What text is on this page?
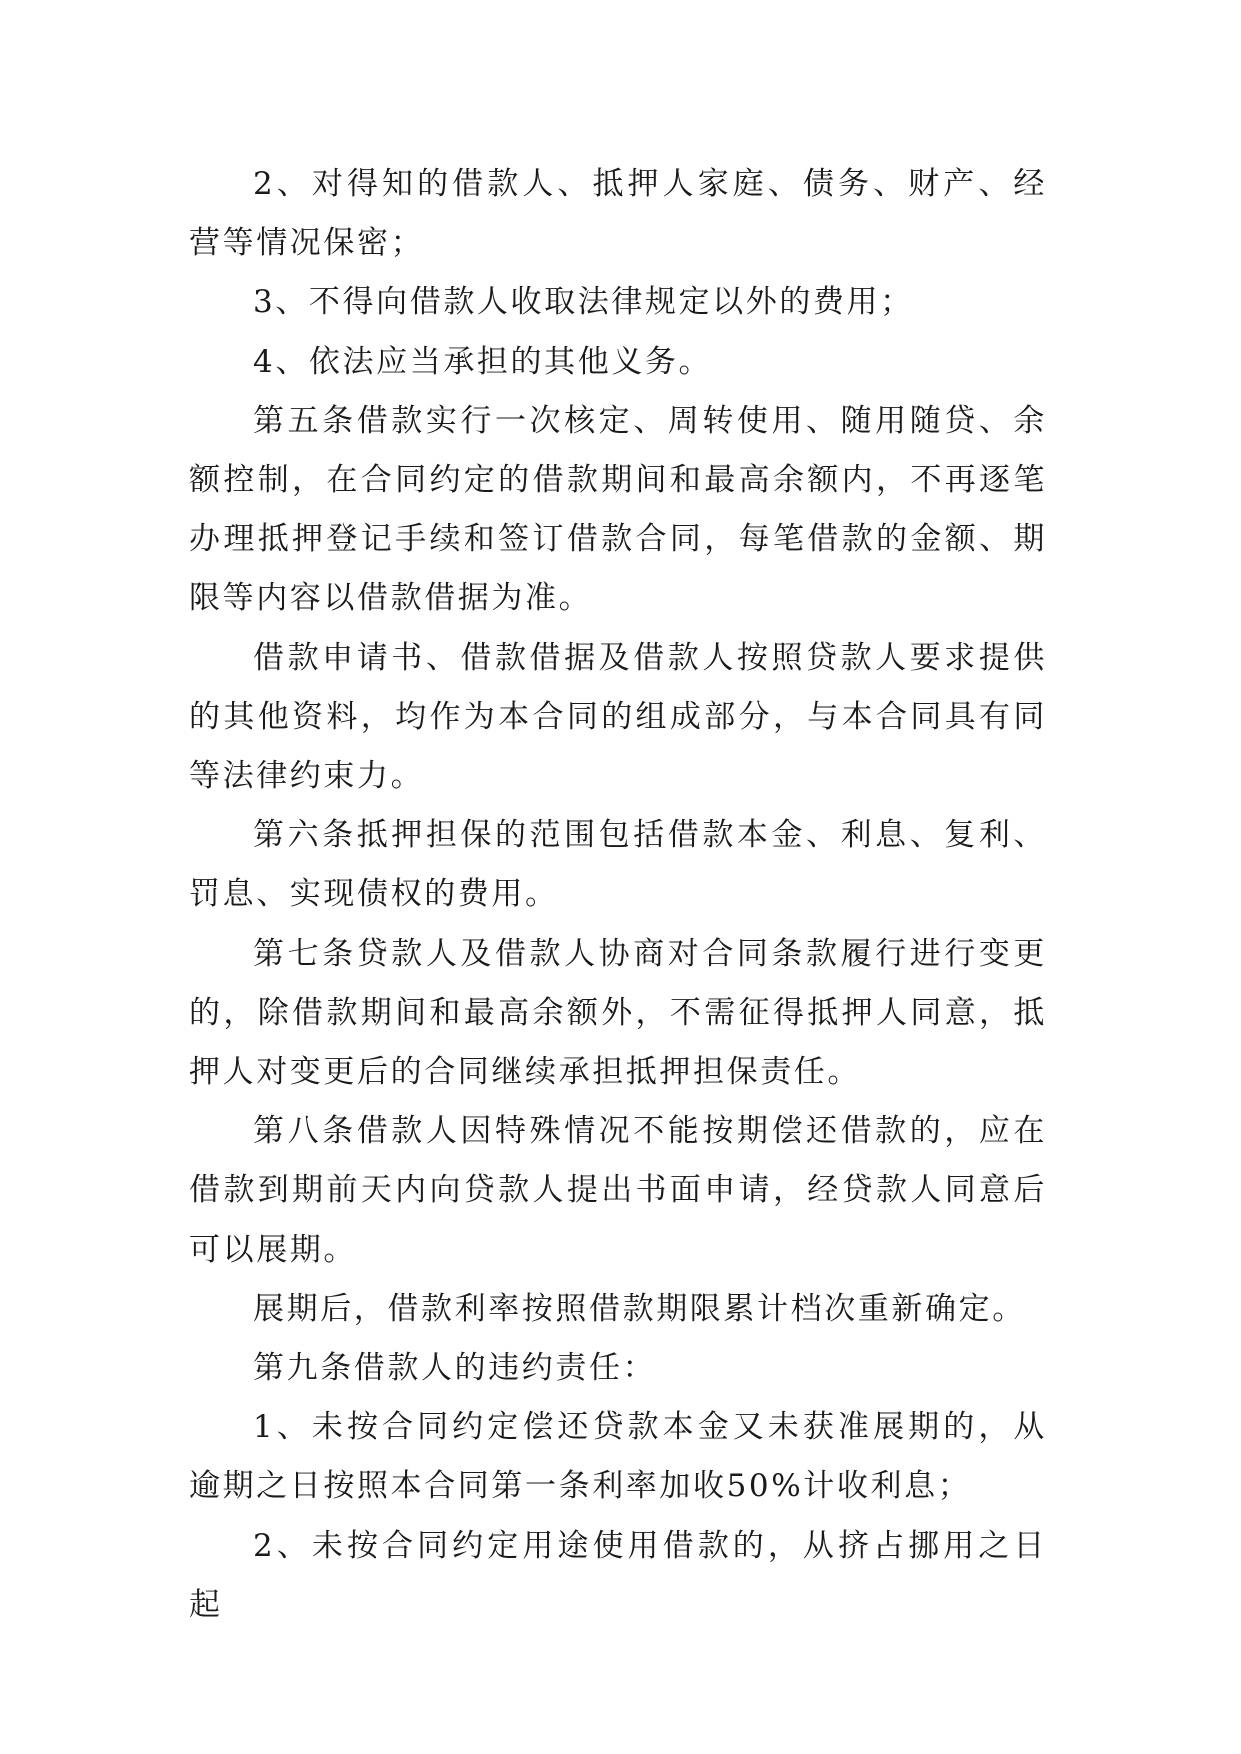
2、对得知的借款人、抵押人家庭、债务、财产、经营等情况保密；

3、不得向借款人收取法律规定以外的费用；

4、依法应当承担的其他义务。

第五条借款实行一次核定、周转使用、随用随贷、余额控制，在合同约定的借款期间和最高余额内，不再逐笔办理抵押登记手续和签订借款合同，每笔借款的金额、期限等内容以借款借据为准。

借款申请书、借款借据及借款人按照贷款人要求提供的其他资料，均作为本合同的组成部分，与本合同具有同等法律约束力。

第六条抵押担保的范围包括借款本金、利息、复利、罚息、实现债权的费用。

第七条贷款人及借款人协商对合同条款履行进行变更的，除借款期间和最高余额外，不需征得抵押人同意，抵押人对变更后的合同继续承担抵押担保责任。

第八条借款人因特殊情况不能按期偿还借款的，应在借款到期前天内向贷款人提出书面申请，经贷款人同意后可以展期。

展期后，借款利率按照借款期限累计档次重新确定。

第九条借款人的违约责任：

1、未按合同约定偿还贷款本金又未获准展期的，从逾期之日按照本合同第一条利率加收50%计收利息；

2、未按合同约定用途使用借款的，从挤占挪用之日起
